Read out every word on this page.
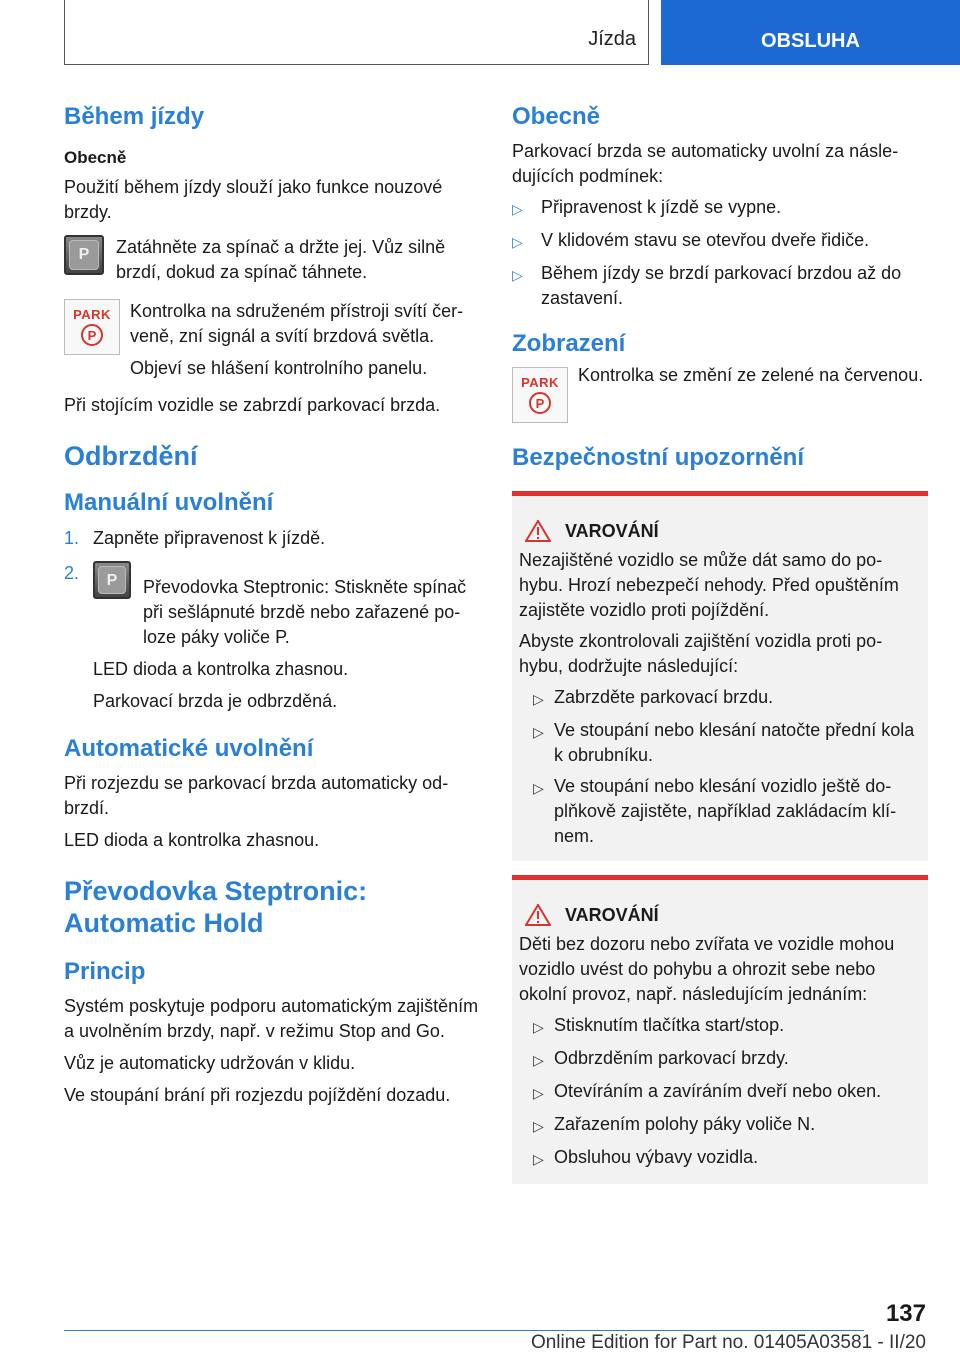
Jízda	OBSLUHA
Během jízdy
Obecně

Použití během jízdy slouží jako funkce nouzové brzdy.

P	Zatáhněte za spínač a držte jej. Vůz silně brzdí, dokud za spínač táhnete.

PARK
P

Kontrolka na sdruženém přístroji svítí červeně, zní signál a svítí brzdová světla.

Objeví se hlášení kontrolního panelu.

Při stojícím vozidle se zabrzdí parkovací brzda.

Odbrzdění
Manuální uvolnění
1. Zapněte připravenost k jízdě.
2.	P	Převodovka Steptronic: Stiskněte spínač při sešlápnuté brzdě nebo zařazené poloze páky voliče P.

LED dioda a kontrolka zhasnou.

Parkovací brzda je odbrzděná.

Automatické uvolnění

Při rozjezdu se parkovací brzda automaticky odbrzdí.

LED dioda a kontrolka zhasnou.

Převodovka Steptronic: Automatic Hold
Princip

Systém poskytuje podporu automatickým zajištěním a uvolněním brzdy, např. v režimu Stop and Go.

Vůz je automaticky udržován v klidu.

Ve stoupání brání při rozjezdu pojíždění dozadu.

Obecně

Parkovací brzda se automaticky uvolní za následujících podmínek:

▷	Připravenost k jízdě se vypne.
▷	V klidovém stavu se otevřou dveře řidiče.
▷	Během jízdy se brzdí parkovací brzdou až do zastavení.
Zobrazení
PARK
P

Kontrolka se změní ze zelené na červenou.

Bezpečnostní upozornění
VAROVÁNÍ

Nezajištěné vozidlo se může dát samo do pohybu. Hrozí nebezpečí nehody. Před opuštěním zajistěte vozidlo proti pojíždění.

Abyste zkontrolovali zajištění vozidla proti pohybu, dodržujte následující:

▷ Zabrzděte parkovací brzdu.
▷ Ve stoupání nebo klesání natočte přední kola k obrubníku.
▷ Ve stoupání nebo klesání vozidlo ještě doplňkově zajistěte, například zakládacím klínem.
VAROVÁNÍ

Děti bez dozoru nebo zvířata ve vozidle mohou vozidlo uvést do pohybu a ohrozit sebe nebo okolní provoz, např. následujícím jednáním:

▷ Stisknutím tlačítka start/stop.
▷ Odbrzděním parkovací brzdy.
▷ Otevíráním a zavíráním dveří nebo oken.
▷ Zařazením polohy páky voliče N.
▷ Obsluhou výbavy vozidla.
137
Online Edition for Part no. 01405A03581 - II/20
